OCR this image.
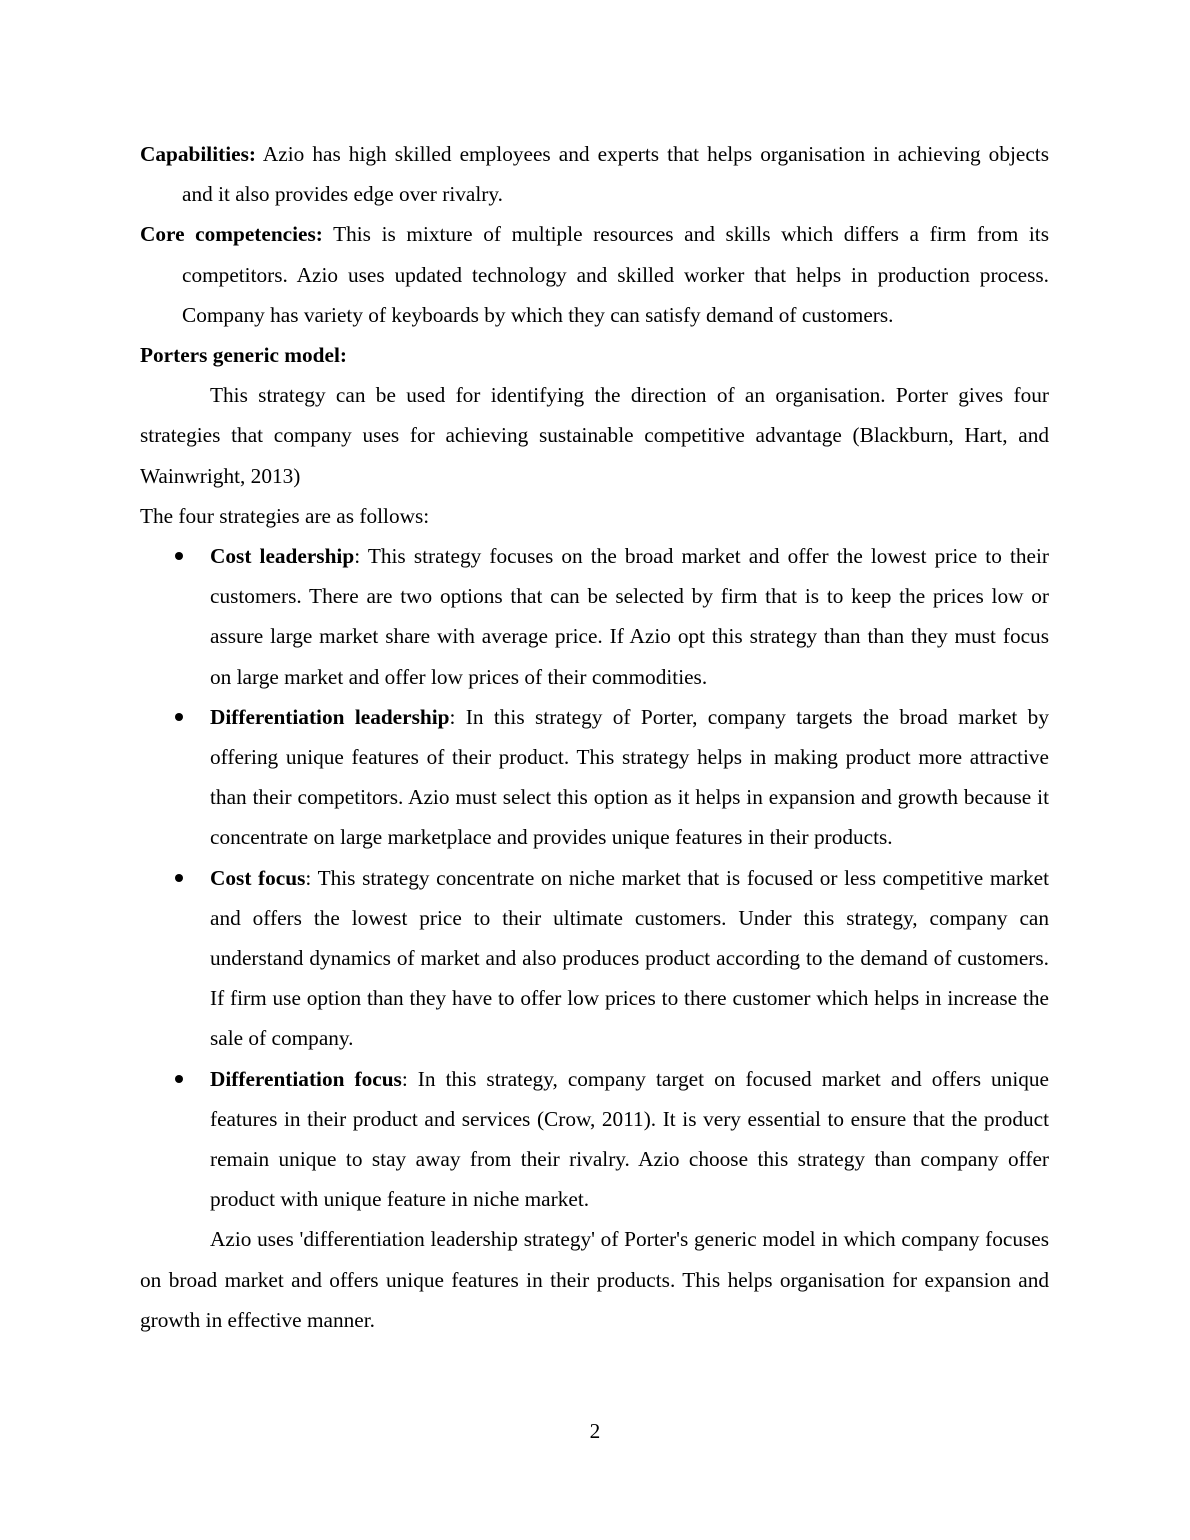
Capabilities: Azio has high skilled employees and experts that helps organisation in achieving objects and it also provides edge over rivalry.

Core competencies: This is mixture of multiple resources and skills which differs a firm from its competitors. Azio uses updated technology and skilled worker that helps in production process. Company has variety of keyboards by which they can satisfy demand of customers.

Porters generic model:

This strategy can be used for identifying the direction of an organisation. Porter gives four strategies that company uses for achieving sustainable competitive advantage (Blackburn, Hart, and Wainwright, 2013)

The four strategies are as follows:

Cost leadership: This strategy focuses on the broad market and offer the lowest price to their customers. There are two options that can be selected by firm that is to keep the prices low or assure large market share with average price. If Azio opt this strategy than than they must focus on large market and offer low prices of their commodities.
Differentiation leadership: In this strategy of Porter, company targets the broad market by offering unique features of their product. This strategy helps in making product more attractive than their competitors. Azio must select this option as it helps in expansion and growth because it concentrate on large marketplace and provides unique features in their products.
Cost focus: This strategy concentrate on niche market that is focused or less competitive market and offers the lowest price to their ultimate customers. Under this strategy, company can understand dynamics of market and also produces product according to the demand of customers. If firm use option than they have to offer low prices to there customer which helps in increase the sale of company.
Differentiation focus: In this strategy, company target on focused market and offers unique features in their product and services (Crow, 2011). It is very essential to ensure that the product remain unique to stay away from their rivalry. Azio choose this strategy than company offer product with unique feature in niche market.

Azio uses 'differentiation leadership strategy' of Porter's generic model in which company focuses on broad market and offers unique features in their products. This helps organisation for expansion and growth in effective manner.

2
